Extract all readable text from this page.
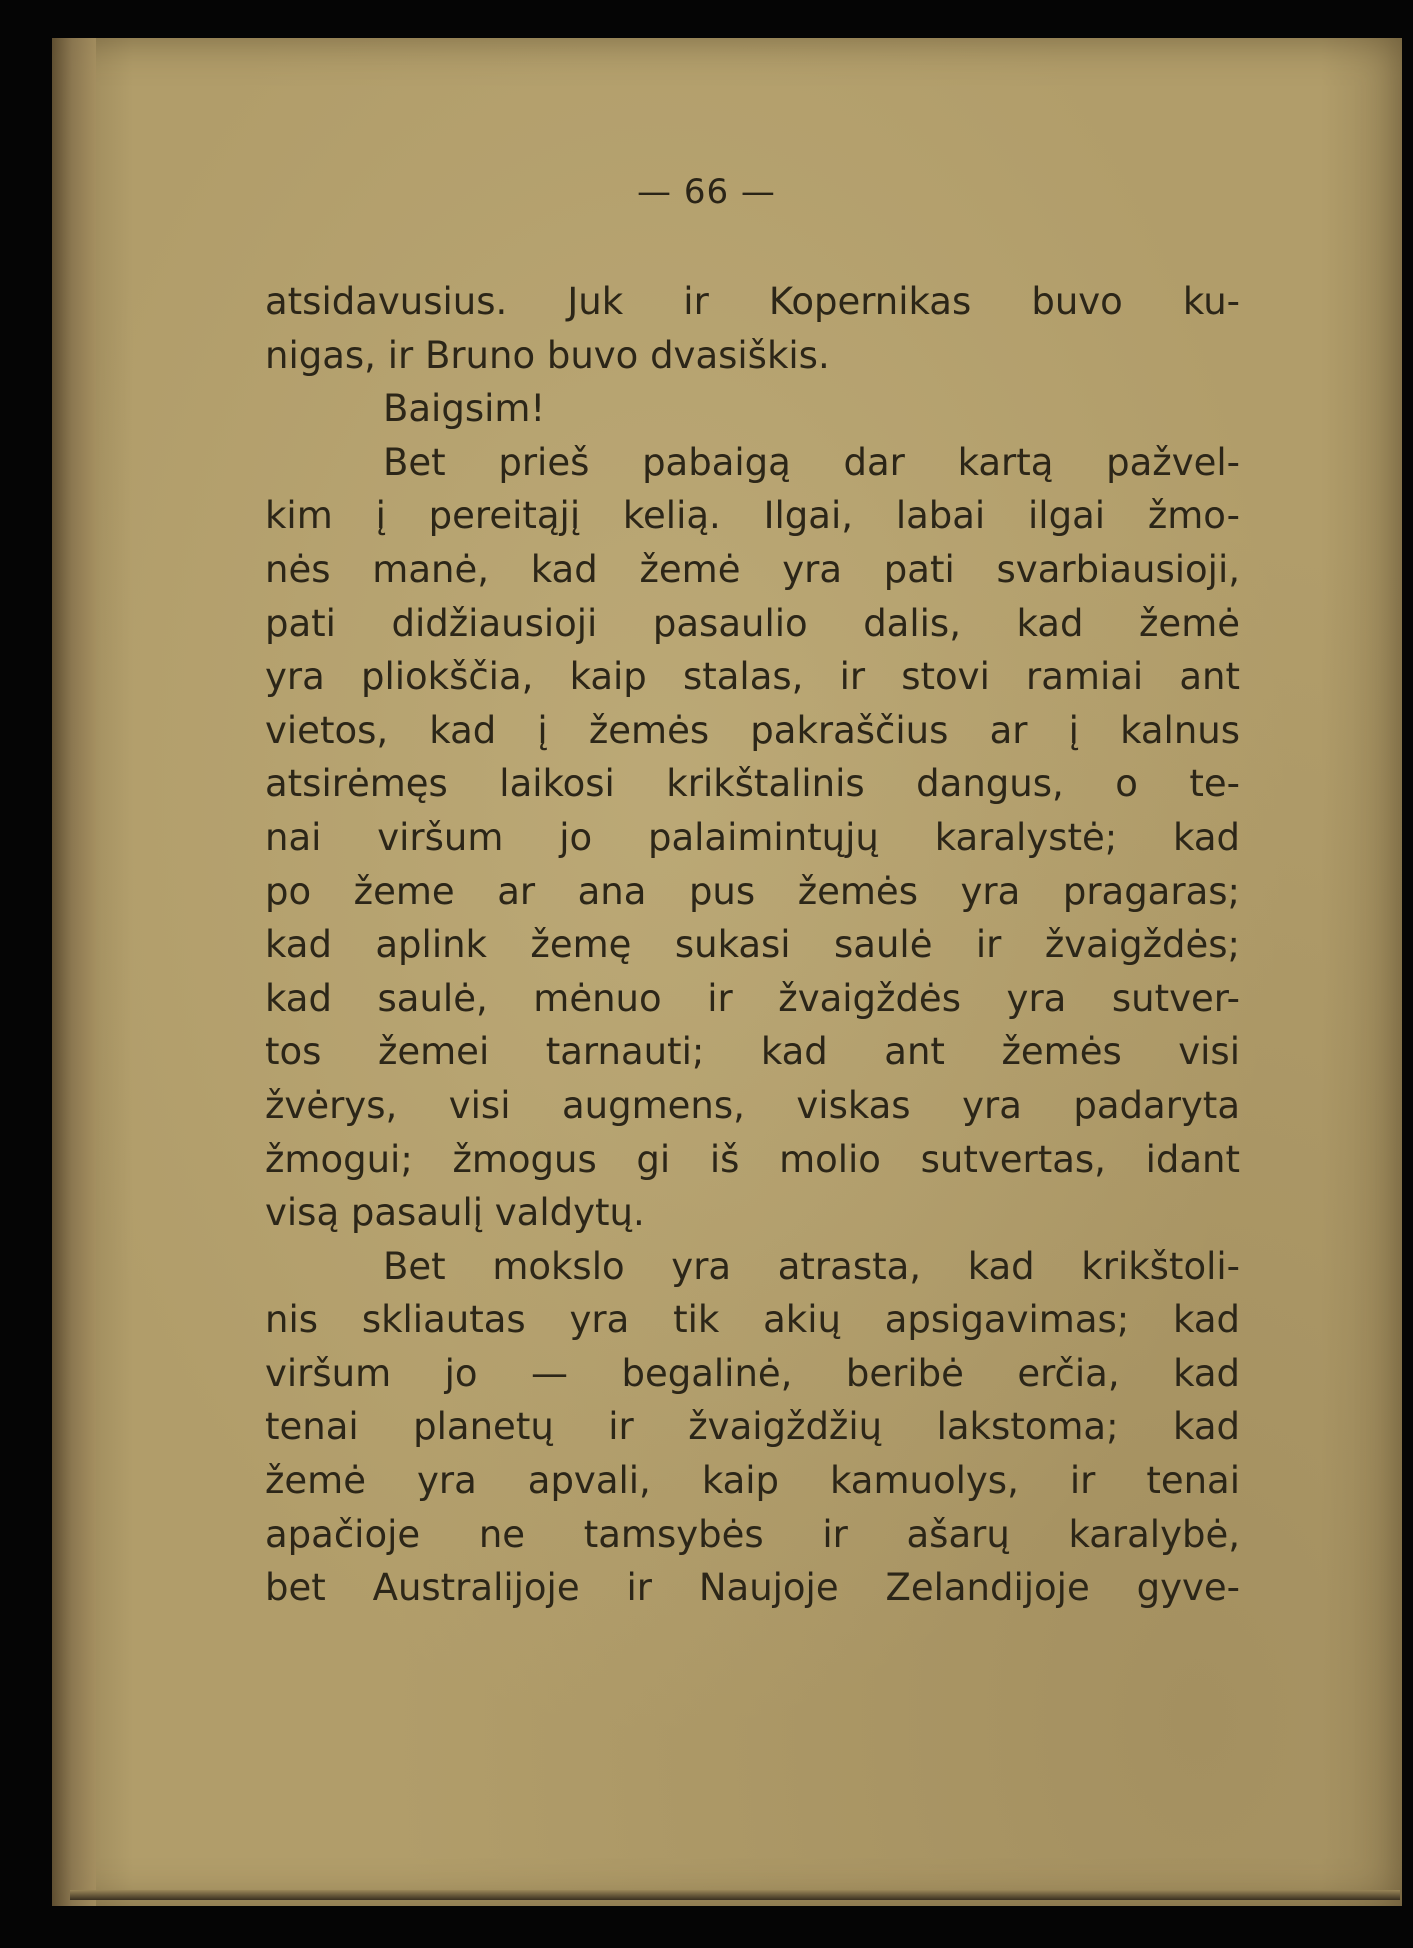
— 66 —
atsidavusius. Juk ir Kopernikas buvo ku-
nigas, ir Bruno buvo dvasiškis.
Baigsim!
Bet prieš pabaigą dar kartą pažvel-
kim į pereitąjį kelią. Ilgai, labai ilgai žmo-
nės manė, kad žemė yra pati svarbiausioji,
pati didžiausioji pasaulio dalis, kad žemė
yra pliokščia, kaip stalas, ir stovi ramiai ant
vietos, kad į žemės pakraščius ar į kalnus
atsirėmęs laikosi krikštalinis dangus, o te-
nai viršum jo palaimintųjų karalystė; kad
po žeme ar ana pus žemės yra pragaras;
kad aplink žemę sukasi saulė ir žvaigždės;
kad saulė, mėnuo ir žvaigždės yra sutver-
tos žemei tarnauti; kad ant žemės visi
žvėrys, visi augmens, viskas yra padaryta
žmogui; žmogus gi iš molio sutvertas, idant
visą pasaulį valdytų.
Bet mokslo yra atrasta, kad krikštoli-
nis skliautas yra tik akių apsigavimas; kad
viršum jo — begalinė, beribė erčia, kad
tenai planetų ir žvaigždžių lakstoma; kad
žemė yra apvali, kaip kamuolys, ir tenai
apačioje ne tamsybės ir ašarų karalybė,
bet Australijoje ir Naujoje Zelandijoje gyve-
